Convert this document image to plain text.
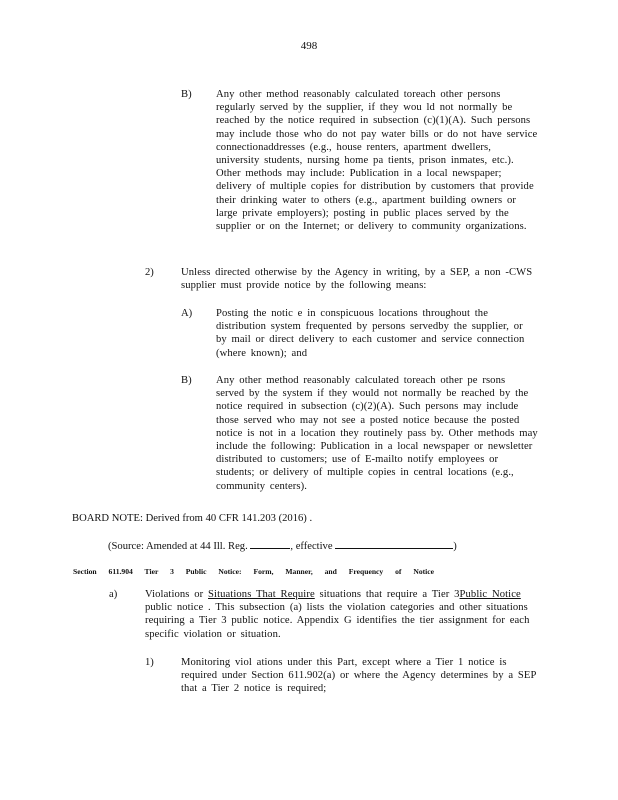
498
B) Any other method reasonably calculated toreach other persons regularly served by the supplier, if they wou ld not normally be reached by the notice required in subsection (c)(1)(A). Such persons may include those who do not pay water bills or do not have service connectionaddresses (e.g., house renters, apartment dwellers, university students, nursing home pa tients, prison inmates, etc.). Other methods may include: Publication in a local newspaper; delivery of multiple copies for distribution by customers that provide their drinking water to others (e.g., apartment building owners or large private employers); posting in public places served by the supplier or on the Internet; or delivery to community organizations.
2)	Unless directed otherwise by the Agency in writing, by a SEP, a non -CWS supplier must provide notice by the following means:
A) Posting the notic e in conspicuous locations throughout the distribution system frequented by persons servedby the supplier, or by mail or direct delivery to each customer and service connection (where known); and
B) Any other method reasonably calculated toreach other pe rsons served by the system if they would not normally be reached by the notice required in subsection (c)(2)(A). Such persons may include those served who may not see a posted notice because the posted notice is not in a location they routinely pass by. Other methods may include the following: Publication in a local newspaper or newsletter distributed to customers; use of E-mailto notify employees or students; or delivery of multiple copies in central locations (e.g., community centers).
BOARD NOTE: Derived from 40 CFR 141.203 (2016) .
(Source: Amended at 44 Ill. Reg.	, effective	)
Section 611.904 Tier 3 Public Notice: Form, Manner, and Frequency of Notice
a)	Violations or Situations That Require situations that require a Tier 3Public Notice public notice . This subsection (a) lists the violation categories and other situations requiring a Tier 3 public notice. Appendix G identifies the tier assignment for each specific violation or situation.
1)	Monitoring viol ations under this Part, except where a Tier 1 notice is required under Section 611.902(a) or where the Agency determines by a SEP that a Tier 2 notice is required;
